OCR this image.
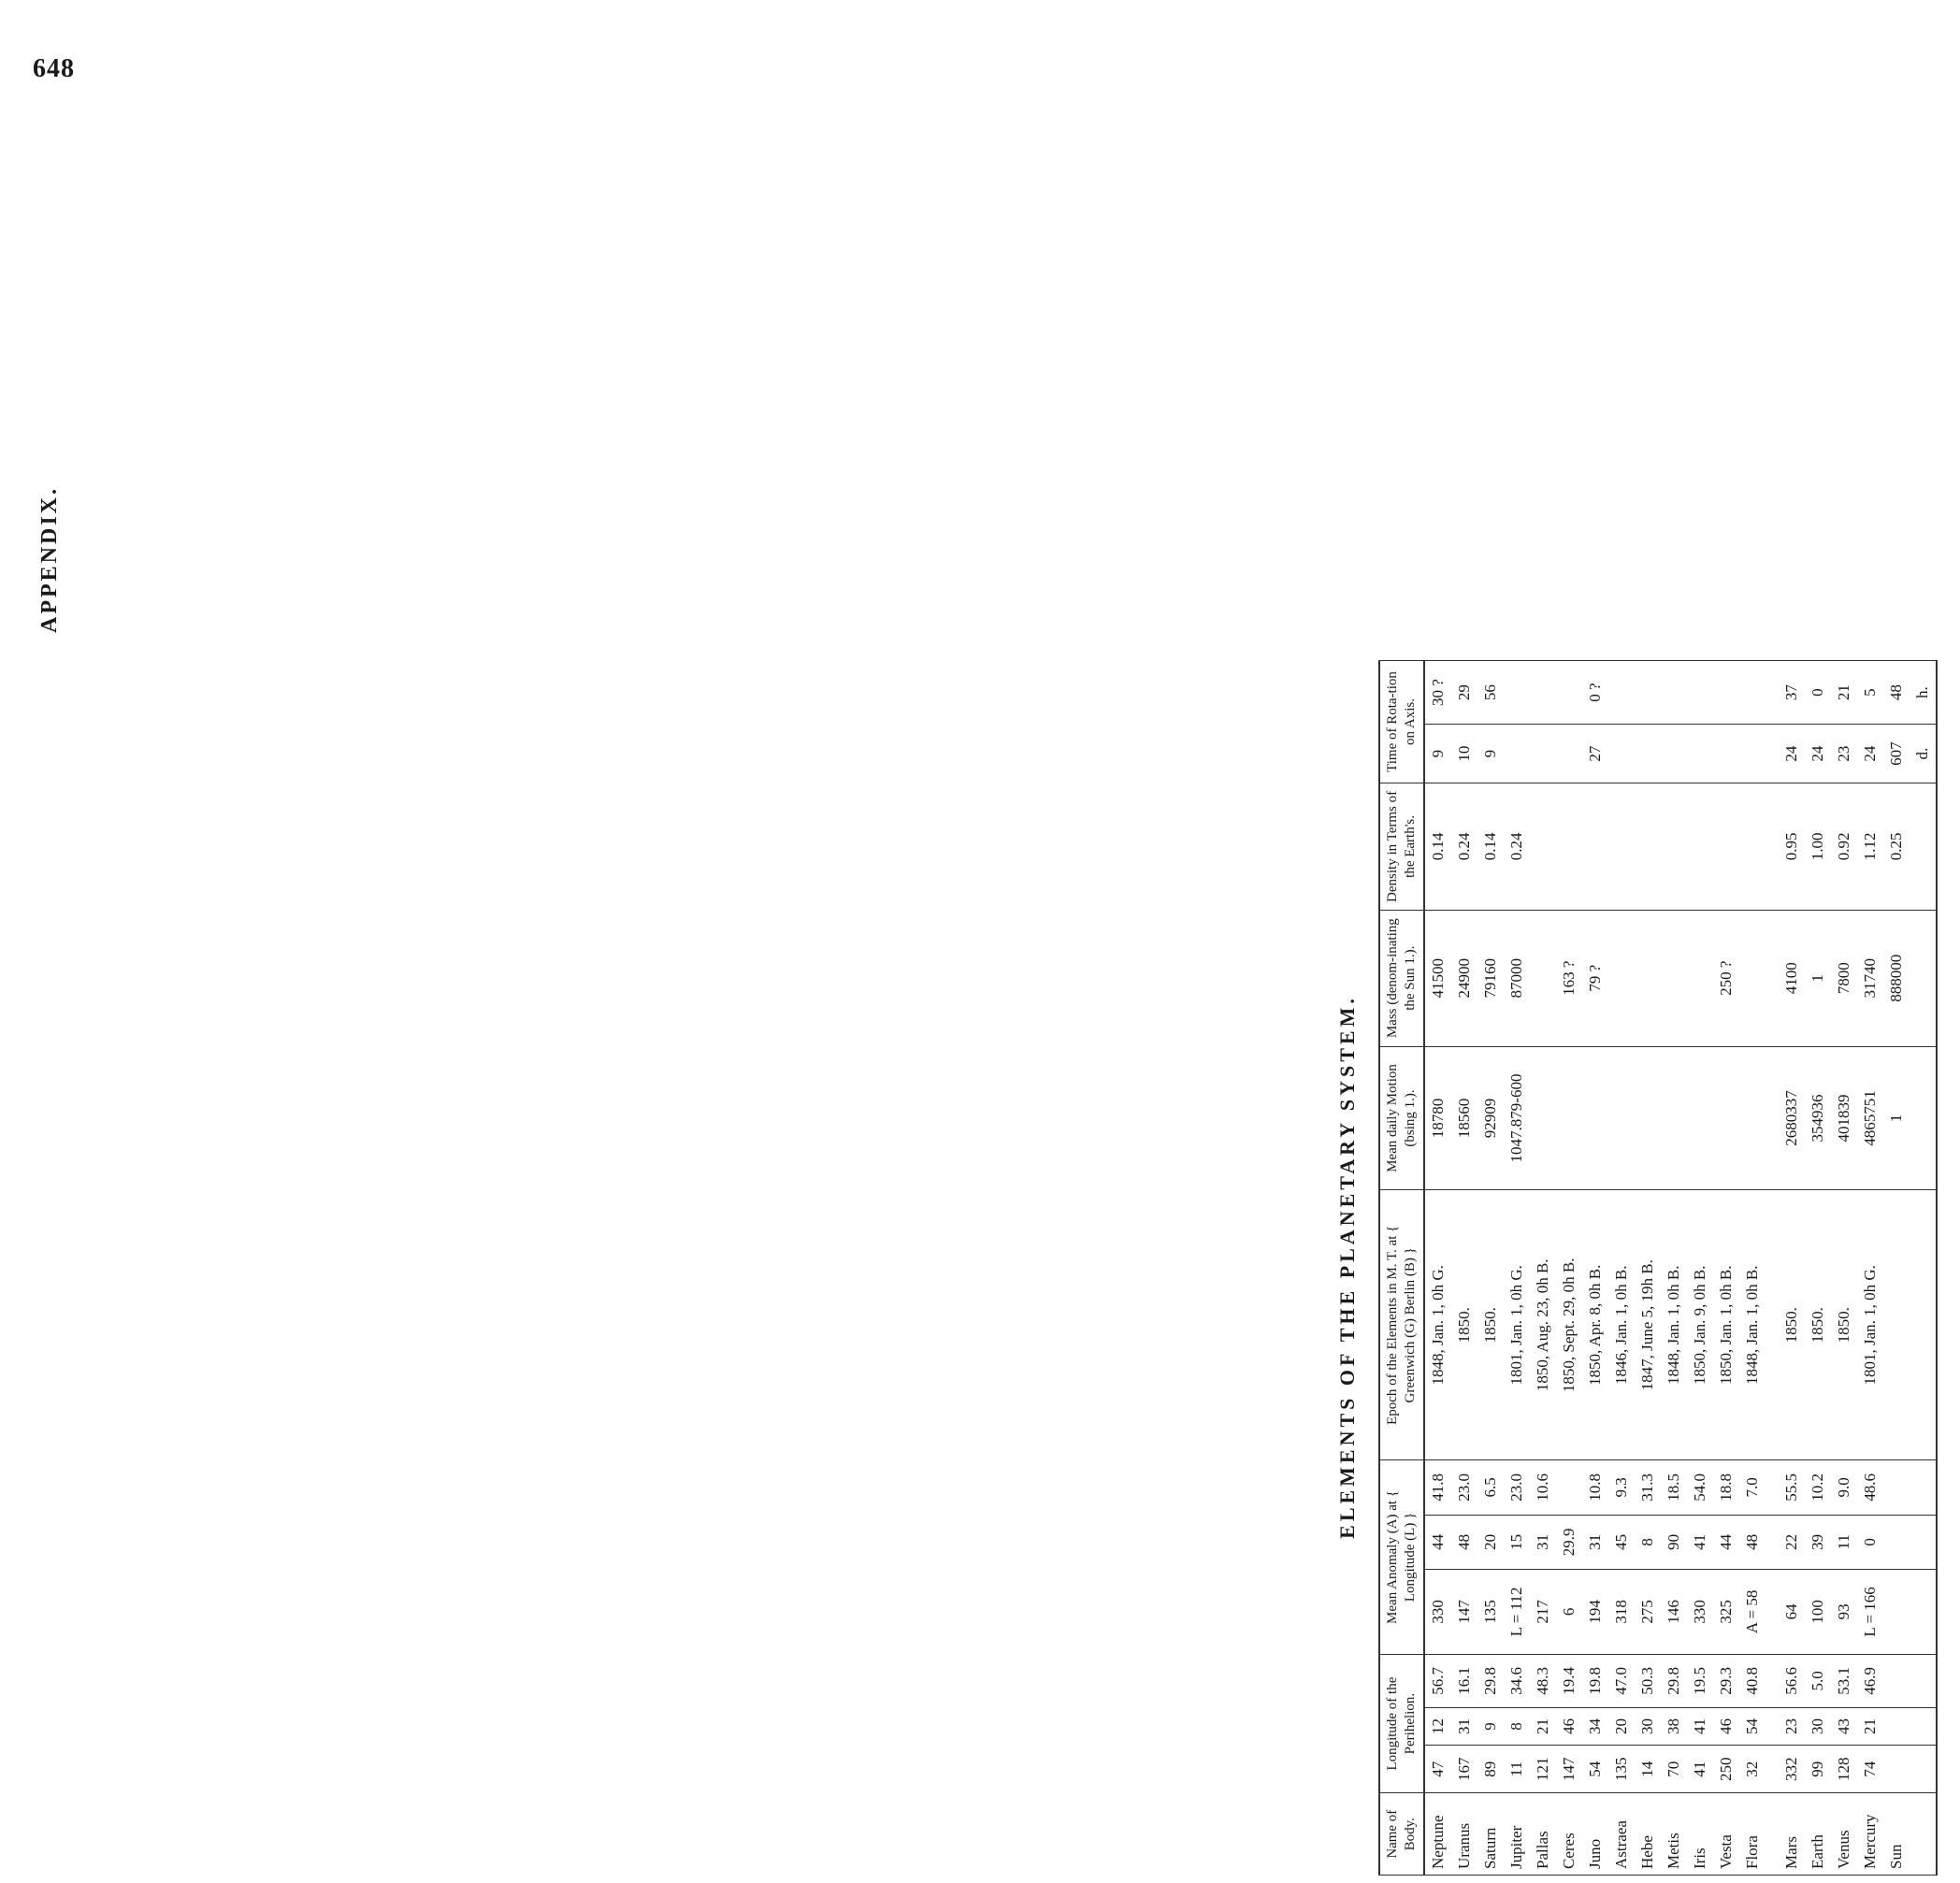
648
APPENDIX.
ELEMENTS OF THE PLANETARY SYSTEM.
Name of Body.	Longitude of the Perihelion.			Mean Anomaly (A) at { Longitude (L) }			Epoch of the Elements in M. T. at { Greenwich (G) Berlin (B) }	Mean daily Motion (bsing 1.).	Mass (denom-inating the Sun 1.).	Density in Terms of the Earth's.	Time of Rota-tion on Axis.	
Neptune	47	12	56.7	330	44	41.8	1848, Jan. 1, 0h G.	18780	41500	0.14	9	30 ?
Uranus	167	31	16.1	147	48	23.0	1850.	18560	24900	0.24	10	29
Saturn	89	9	29.8	135	20	6.5	1850.	92909	79160	0.14	9	56
Jupiter	11	8	34.6	L = 112	15	23.0	1801, Jan. 1, 0h G.	1047.879-600	87000	0.24		
Pallas	121	21	48.3	217	31	10.6	1850, Aug. 23, 0h B.					
Ceres	147	46	19.4	6	29.9		1850, Sept. 29, 0h B.		163 ?			
Juno	54	34	19.8	194	31	10.8	1850, Apr. 8, 0h B.		79 ?		27	0 ?
Astraea	135	20	47.0	318	45	9.3	1846, Jan. 1, 0h B.					
Hebe	14	30	50.3	275	8	31.3	1847, June 5, 19h B.					
Metis	70	38	29.8	146	90	18.5	1848, Jan. 1, 0h B.					
Iris	41	41	19.5	330	41	54.0	1850, Jan. 9, 0h B.					
Vesta	250	46	29.3	325	44	18.8	1850, Jan. 1, 0h B.		250 ?			
Flora	32	54	40.8	A = 58	48	7.0	1848, Jan. 1, 0h B.					

Mars	332	23	56.6	64	22	55.5	1850.	2680337	4100	0.95	24	37
Earth	99	30	5.0	100	39	10.2	1850.	354936	1	1.00	24	0
Venus	128	43	53.1	93	11	9.0	1850.	401839	7800	0.92	23	21
Mercury	74	21	46.9	L = 166	0	48.6	1801, Jan. 1, 0h G.	4865751	31740	1.12	24	5
Sun								1	888000	0.25	607	48
											d.	h.
